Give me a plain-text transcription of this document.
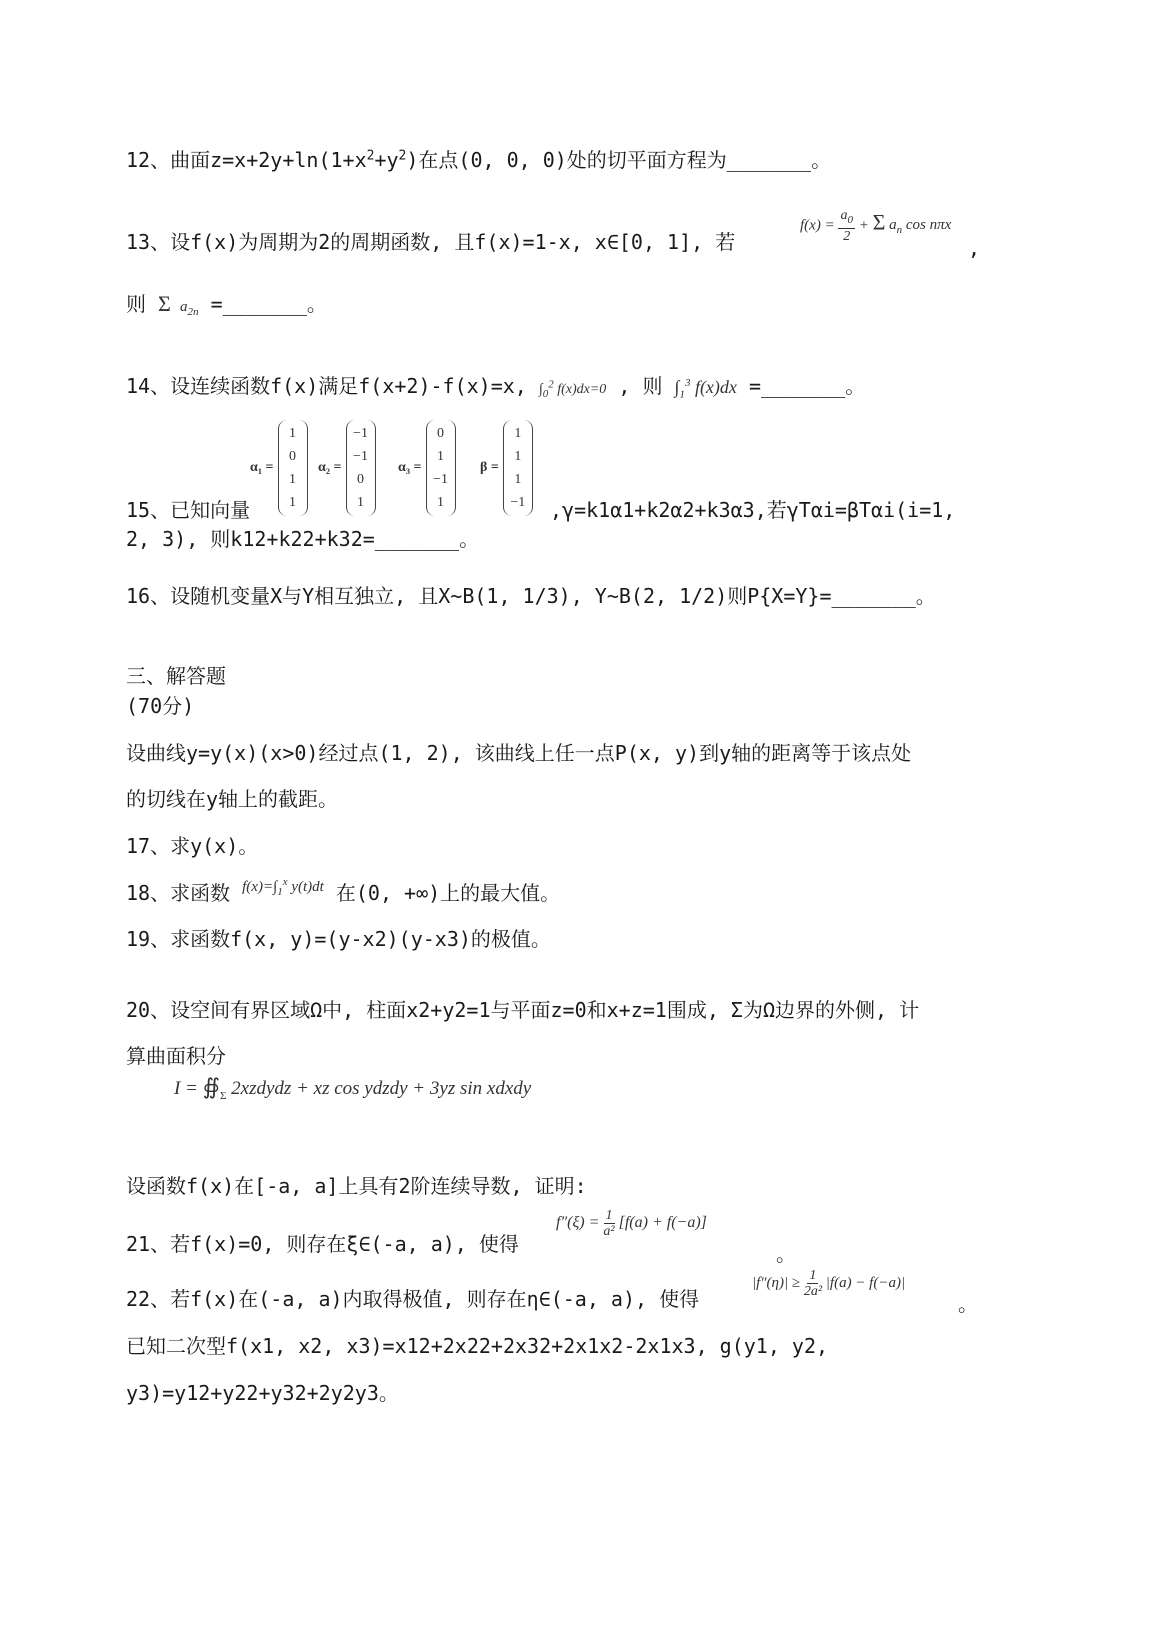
12、曲面$z=x+2y+\ln(1+x^2+y^2)$在点(0, 0, 0)处的切平面方程为_______。
13、设f(x)为周期为2的周期函数, 且f(x)=1-x, x∈[0, 1], 若
$f(x) = \frac{a_0}{2} + \Sigma$ $a_n$ cos nπx
,
则 Σ $a_{2n}$ =_______。
14、设连续函数f(x)满足f(x+2)-f(x)=x, $\int_0^2$ f(x)dx=0 , 则 $\int_1^3$ f(x)dx =_______。
15、已知向量
α₁ =
1
0
1
1
α₂ =
−1
−1
0
1
α₃ =
0
1
−1
1
β =
1
1
1
−1 ,γ=k1α1+k2α2+k3α3,若γTαi=βTαi(i=1,
2, 3), 则k12+k22+k32=_______。
16、设随机变量X与Y相互独立, 且X~B(1, 1/3), Y~B(2, 1/2)则P{X=Y}=_______。
三、解答题
(70分)
设曲线y=y(x)(x>0)经过点(1, 2), 该曲线上任一点P(x, y)到y轴的距离等于该点处
的切线在y轴上的截距。
17、求y(x)。
18、求函数 $^{f(x)=\int_1^x y(t)dt}$ 在(0, +∞)上的最大值。
19、求函数f(x, y)=(y-x2)(y-x3)的极值。
20、设空间有界区域Ω中, 柱面x2+y2=1与平面z=0和x+z=1围成, Σ为Ω边界的外侧, 计
算曲面积分
$I = ∯_\Sigma$ 2xzdydz + xz cos ydzdy + 3yz sin xdxdy
设函数f(x)在[-a, a]上具有2阶连续导数, 证明:
21、若f(x)=0, 则存在ξ∈(-a, a), 使得
$f''(\xi) = \frac{1}{\text{a²}} [f(a) + f(-a)]$
。
22、若f(x)在(-a, a)内取得极值, 则存在η∈(-a, a), 使得
$|f''(\eta)| \ge \frac{1}{\text{2a²}} |f(a) - f(-a)|$
。
已知二次型f(x1, x2, x3)=x12+2x22+2x32+2x1x2-2x1x3, g(y1, y2,
y3)=y12+y22+y32+2y2y3。
